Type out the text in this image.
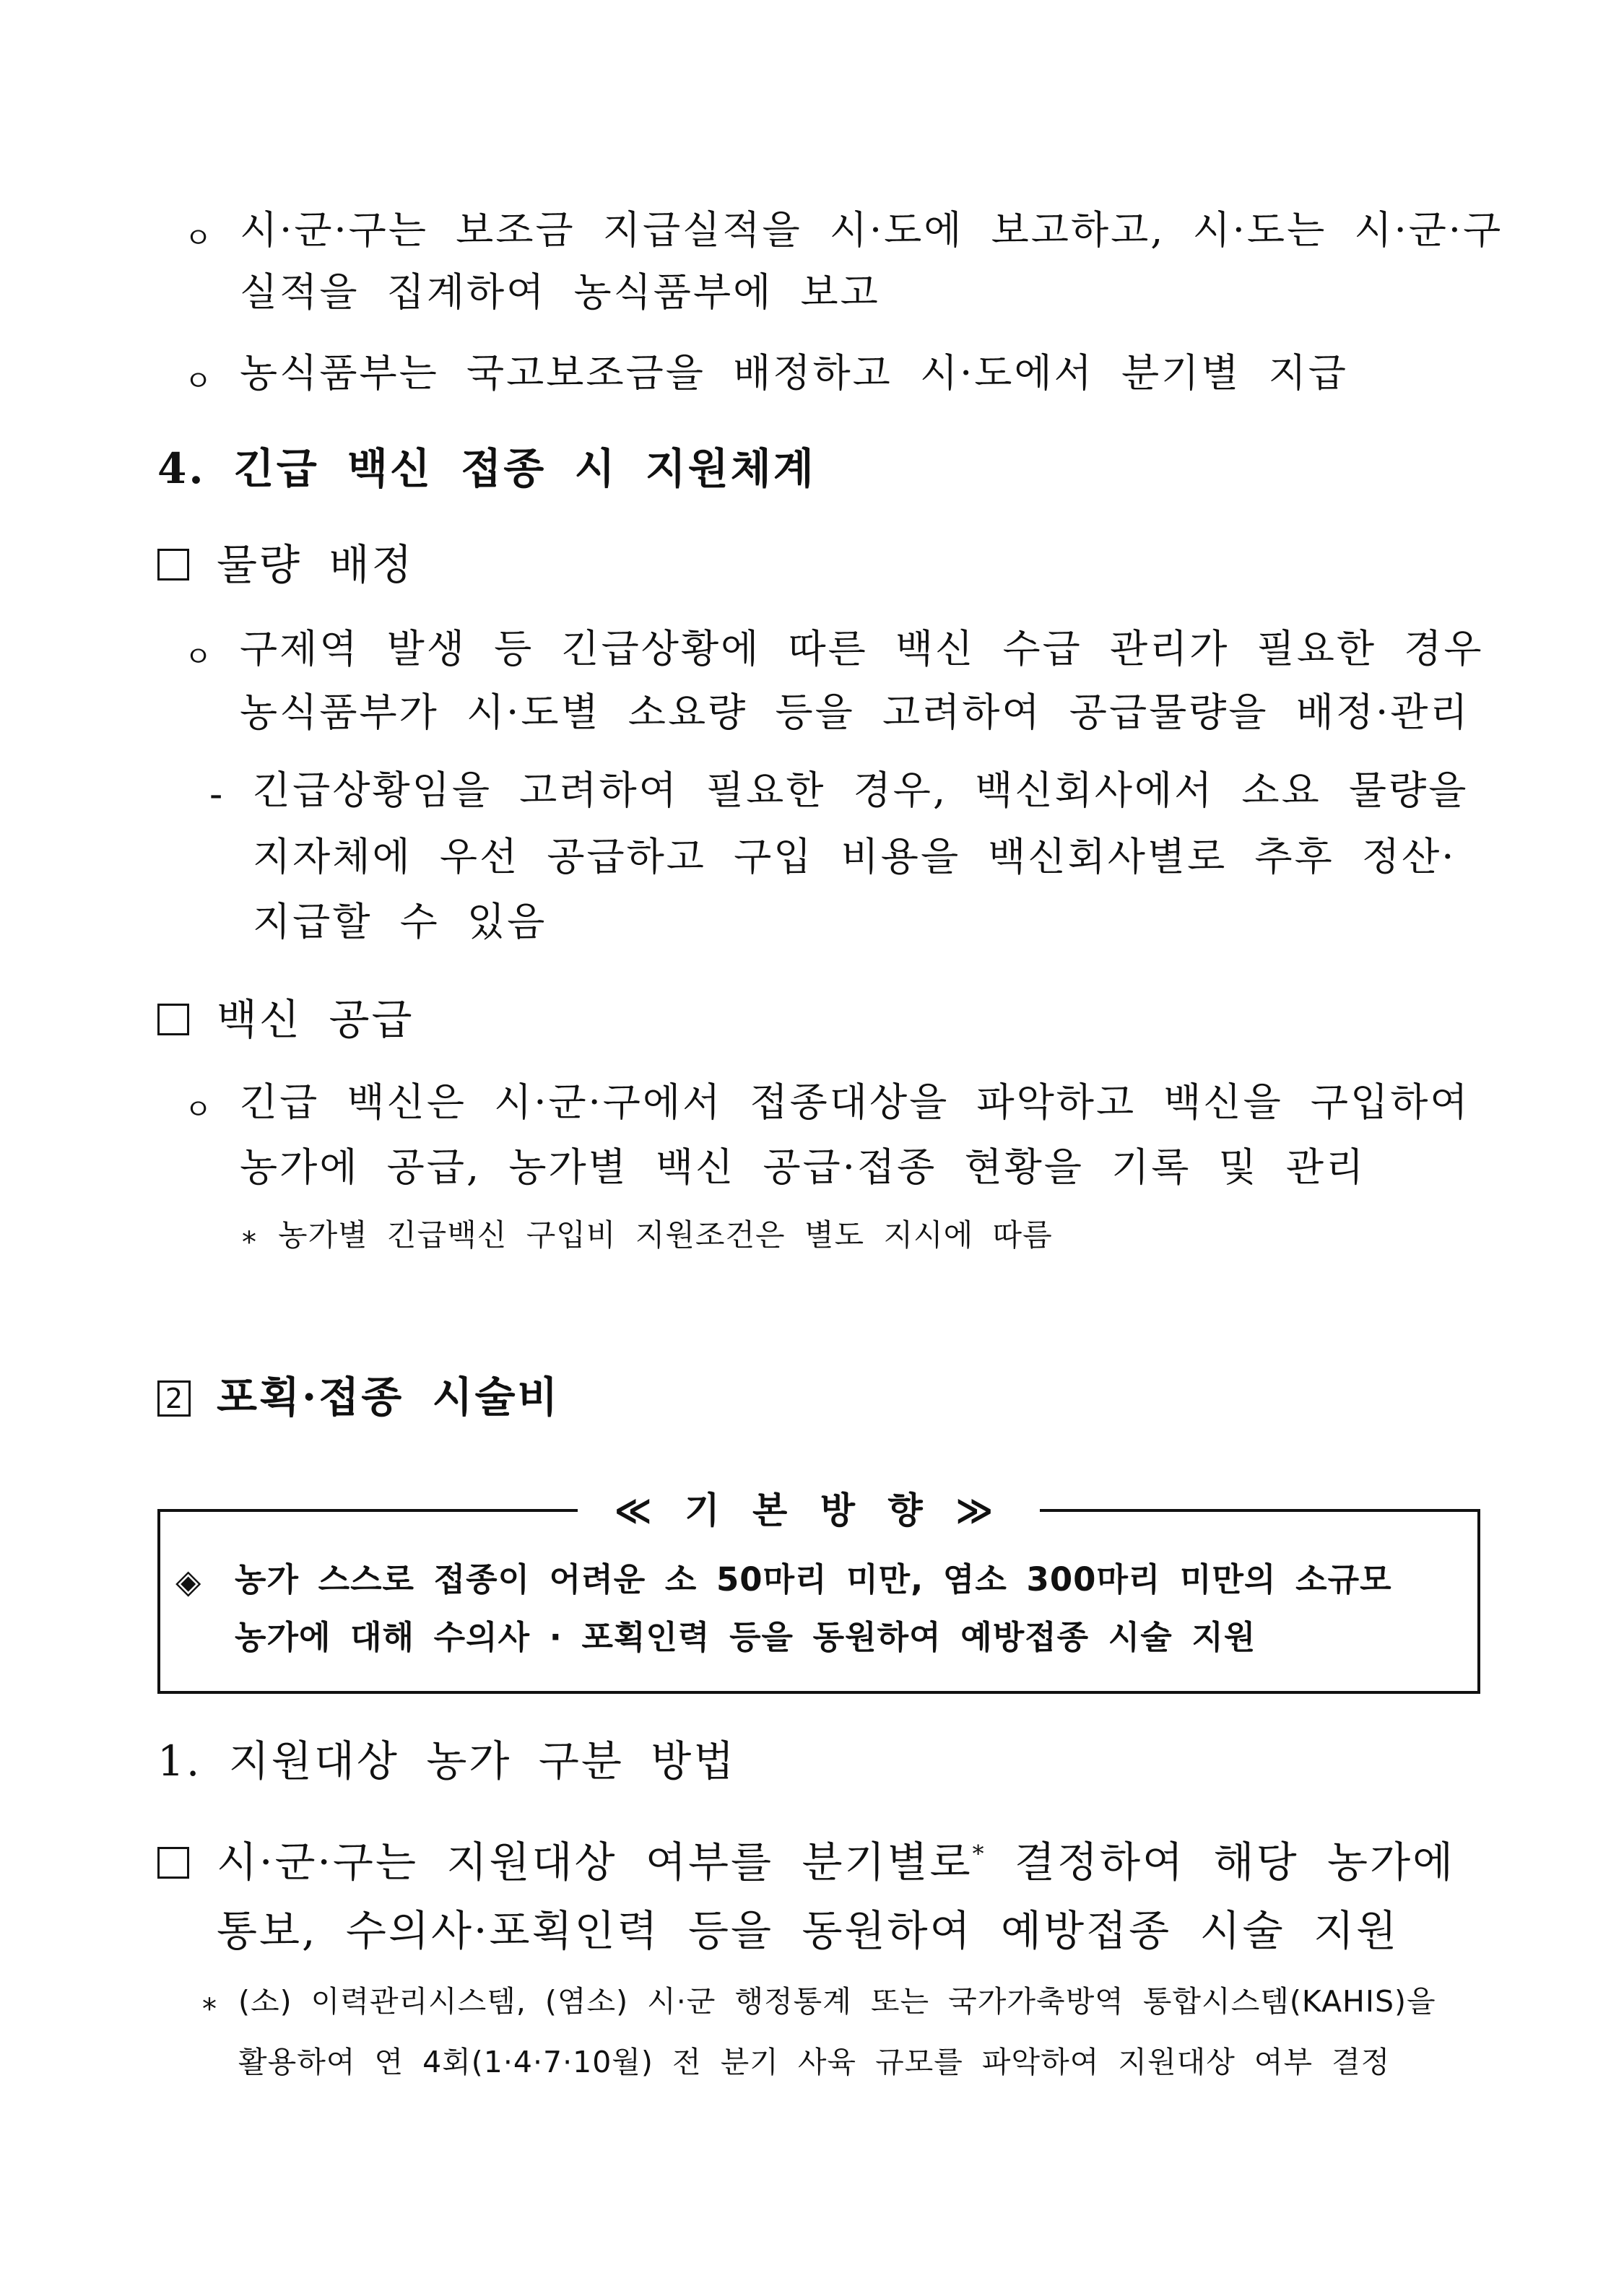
ㅇ 시·군·구는 보조금 지급실적을 시·도에 보고하고, 시·도는 시·군·구
실적을 집계하여 농식품부에 보고
ㅇ 농식품부는 국고보조금을 배정하고 시·도에서 분기별 지급
4. 긴급 백신 접종 시 지원체계
물량 배정
ㅇ 구제역 발생 등 긴급상황에 따른 백신 수급 관리가 필요한 경우
농식품부가 시·도별 소요량 등을 고려하여 공급물량을 배정·관리
- 긴급상황임을 고려하여 필요한 경우, 백신회사에서 소요 물량을
지자체에 우선 공급하고 구입 비용을 백신회사별로 추후 정산·
지급할 수 있음
백신 공급
ㅇ 긴급 백신은 시·군·구에서 접종대상을 파악하고 백신을 구입하여
농가에 공급, 농가별 백신 공급·접종 현황을 기록 및 관리
* 농가별 긴급백신 구입비 지원조건은 별도 지시에 따름
2 포획·접종 시술비
≪ 기 본 방 향 ≫
◈ 농가 스스로 접종이 어려운 소 50마리 미만, 염소 300마리 미만의 소규모
농가에 대해 수의사 · 포획인력 등을 동원하여 예방접종 시술 지원
1. 지원대상 농가 구분 방법
시·군·구는 지원대상 여부를 분기별로* 결정하여 해당 농가에
통보, 수의사·포획인력 등을 동원하여 예방접종 시술 지원
* (소) 이력관리시스템, (염소) 시·군 행정통계 또는 국가가축방역 통합시스템(KAHIS)을
활용하여 연 4회(1·4·7·10월) 전 분기 사육 규모를 파악하여 지원대상 여부 결정
